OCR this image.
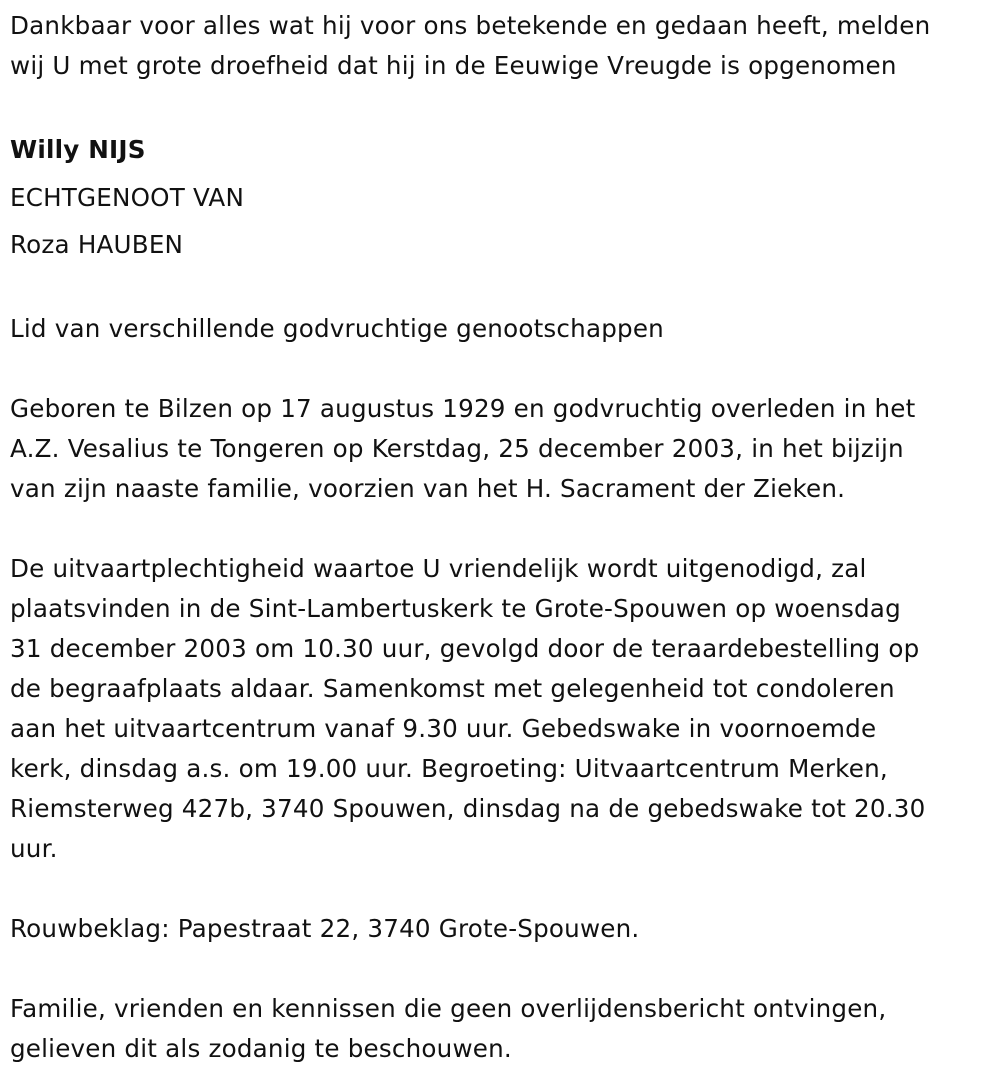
Dankbaar voor alles wat hij voor ons betekende en gedaan heeft, melden
wij U met grote droefheid dat hij in de Eeuwige Vreugde is opgenomen

Willy NIJS
ECHTGENOOT VAN
Roza HAUBEN

Lid van verschillende godvruchtige genootschappen

Geboren te Bilzen op 17 augustus 1929 en godvruchtig overleden in het
A.Z. Vesalius te Tongeren op Kerstdag, 25 december 2003, in het bijzijn
van zijn naaste familie, voorzien van het H. Sacrament der Zieken.

De uitvaartplechtigheid waartoe U vriendelijk wordt uitgenodigd, zal
plaatsvinden in de Sint-Lambertuskerk te Grote-Spouwen op woensdag
31 december 2003 om 10.30 uur, gevolgd door de teraardebestelling op
de begraafplaats aldaar. Samenkomst met gelegenheid tot condoleren
aan het uitvaartcentrum vanaf 9.30 uur. Gebedswake in voornoemde
kerk, dinsdag a.s. om 19.00 uur. Begroeting: Uitvaartcentrum Merken,
Riemsterweg 427b, 3740 Spouwen, dinsdag na de gebedswake tot 20.30
uur.

Rouwbeklag: Papestraat 22, 3740 Grote-Spouwen.

Familie, vrienden en kennissen die geen overlijdensbericht ontvingen,
gelieven dit als zodanig te beschouwen.
